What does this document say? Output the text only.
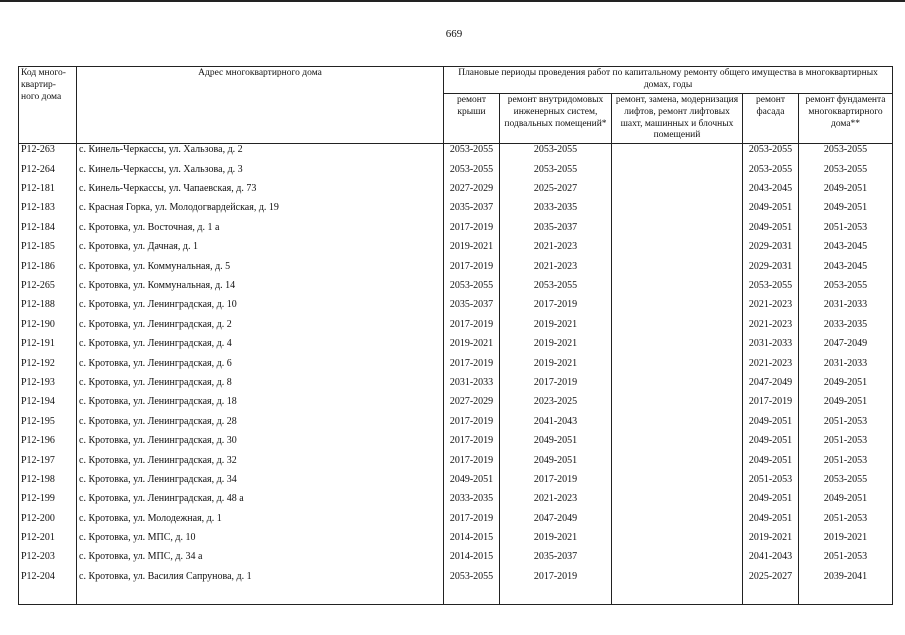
669
Код много-квартир-ного дома	Адрес многоквартирного дома	Плановые периоды проведения работ по капитальному ремонту общего имущества в многоквартирных домах, годы				
		ремонт крыши	ремонт внутридомовых инженерных систем, подвальных помещений*	ремонт, замена, модернизация лифтов, ремонт лифтовых шахт, машинных и блочных помещений	ремонт фасада	ремонт фундамента многоквартирного дома**
Р12-263	с. Кинель-Черкассы, ул. Хальзова, д. 2	2053-2055	2053-2055		2053-2055	2053-2055
Р12-264	с. Кинель-Черкассы, ул. Хальзова, д. 3	2053-2055	2053-2055		2053-2055	2053-2055
Р12-181	с. Кинель-Черкассы, ул. Чапаевская, д. 73	2027-2029	2025-2027		2043-2045	2049-2051
Р12-183	с. Красная Горка, ул. Молодогвардейская, д. 19	2035-2037	2033-2035		2049-2051	2049-2051
Р12-184	с. Кротовка, ул. Восточная, д. 1 а	2017-2019	2035-2037		2049-2051	2051-2053
Р12-185	с. Кротовка, ул. Дачная, д. 1	2019-2021	2021-2023		2029-2031	2043-2045
Р12-186	с. Кротовка, ул. Коммунальная, д. 5	2017-2019	2021-2023		2029-2031	2043-2045
Р12-265	с. Кротовка, ул. Коммунальная, д. 14	2053-2055	2053-2055		2053-2055	2053-2055
Р12-188	с. Кротовка, ул. Ленинградская, д. 10	2035-2037	2017-2019		2021-2023	2031-2033
Р12-190	с. Кротовка, ул. Ленинградская, д. 2	2017-2019	2019-2021		2021-2023	2033-2035
Р12-191	с. Кротовка, ул. Ленинградская, д. 4	2019-2021	2019-2021		2031-2033	2047-2049
Р12-192	с. Кротовка, ул. Ленинградская, д. 6	2017-2019	2019-2021		2021-2023	2031-2033
Р12-193	с. Кротовка, ул. Ленинградская, д. 8	2031-2033	2017-2019		2047-2049	2049-2051
Р12-194	с. Кротовка, ул. Ленинградская, д. 18	2027-2029	2023-2025		2017-2019	2049-2051
Р12-195	с. Кротовка, ул. Ленинградская, д. 28	2017-2019	2041-2043		2049-2051	2051-2053
Р12-196	с. Кротовка, ул. Ленинградская, д. 30	2017-2019	2049-2051		2049-2051	2051-2053
Р12-197	с. Кротовка, ул. Ленинградская, д. 32	2017-2019	2049-2051		2049-2051	2051-2053
Р12-198	с. Кротовка, ул. Ленинградская, д. 34	2049-2051	2017-2019		2051-2053	2053-2055
Р12-199	с. Кротовка, ул. Ленинградская, д. 48 а	2033-2035	2021-2023		2049-2051	2049-2051
Р12-200	с. Кротовка, ул. Молодежная, д. 1	2017-2019	2047-2049		2049-2051	2051-2053
Р12-201	с. Кротовка, ул. МПС, д. 10	2014-2015	2019-2021		2019-2021	2019-2021
Р12-203	с. Кротовка, ул. МПС, д. 34 а	2014-2015	2035-2037		2041-2043	2051-2053
Р12-204	с. Кротовка, ул. Василия Сапрунова, д. 1	2053-2055	2017-2019		2025-2027	2039-2041
